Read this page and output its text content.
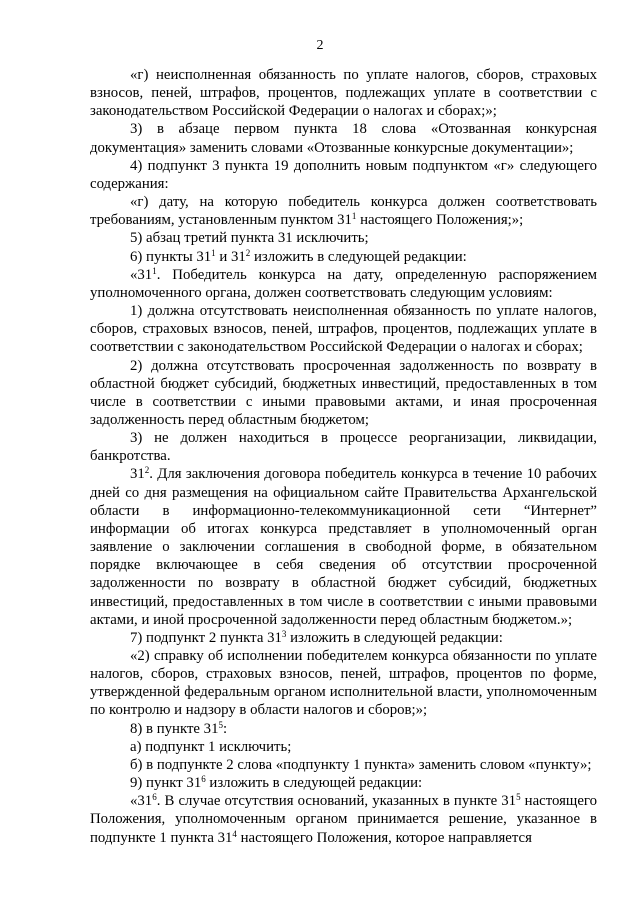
2

«г) неисполненная обязанность по уплате налогов, сборов, страховых взносов, пеней, штрафов, процентов, подлежащих уплате в соответствии с законодательством Российской Федерации о налогах и сборах;»;

3) в абзаце первом пункта 18 слова «Отозванная конкурсная документация» заменить словами «Отозванные конкурсные документации»;

4) подпункт 3 пункта 19 дополнить новым подпунктом «г» следующего содержания:

«г) дату, на которую победитель конкурса должен соответствовать требованиям, установленным пунктом $31^1$ настоящего Положения;»;

5) абзац третий пункта 31 исключить;

6) пункты $31^1$ и $31^2$ изложить в следующей редакции:

«$31^1$. Победитель конкурса на дату, определенную распоряжением уполномоченного органа, должен соответствовать следующим условиям:

1) должна отсутствовать неисполненная обязанность по уплате налогов, сборов, страховых взносов, пеней, штрафов, процентов, подлежащих уплате в соответствии с законодательством Российской Федерации о налогах и сборах;

2) должна отсутствовать просроченная задолженность по возврату в областной бюджет субсидий, бюджетных инвестиций, предоставленных в том числе в соответствии с иными правовыми актами, и иная просроченная задолженность перед областным бюджетом;

3) не должен находиться в процессе реорганизации, ликвидации, банкротства.

$31^2$. Для заключения договора победитель конкурса в течение 10 рабочих дней со дня размещения на официальном сайте Правительства Архангельской области в информационно-телекоммуникационной сети “Интернет” информации об итогах конкурса представляет в уполномоченный орган заявление о заключении соглашения в свободной форме, в обязательном порядке включающее в себя сведения об отсутствии просроченной задолженности по возврату в областной бюджет субсидий, бюджетных инвестиций, предоставленных в том числе в соответствии с иными правовыми актами, и иной просроченной задолженности перед областным бюджетом.»;

7) подпункт 2 пункта $31^3$ изложить в следующей редакции:

«2) справку об исполнении победителем конкурса обязанности по уплате налогов, сборов, страховых взносов, пеней, штрафов, процентов по форме, утвержденной федеральным органом исполнительной власти, уполномоченным по контролю и надзору в области налогов и сборов;»;

8) в пункте $31^5$:

а) подпункт 1 исключить;

б) в подпункте 2 слова «подпункту 1 пункта» заменить словом «пункту»;

9) пункт $31^6$ изложить в следующей редакции:

«$31^6$. В случае отсутствия оснований, указанных в пункте $31^5$ настоящего Положения, уполномоченным органом принимается решение, указанное в подпункте 1 пункта $31^4$ настоящего Положения, которое направляется
